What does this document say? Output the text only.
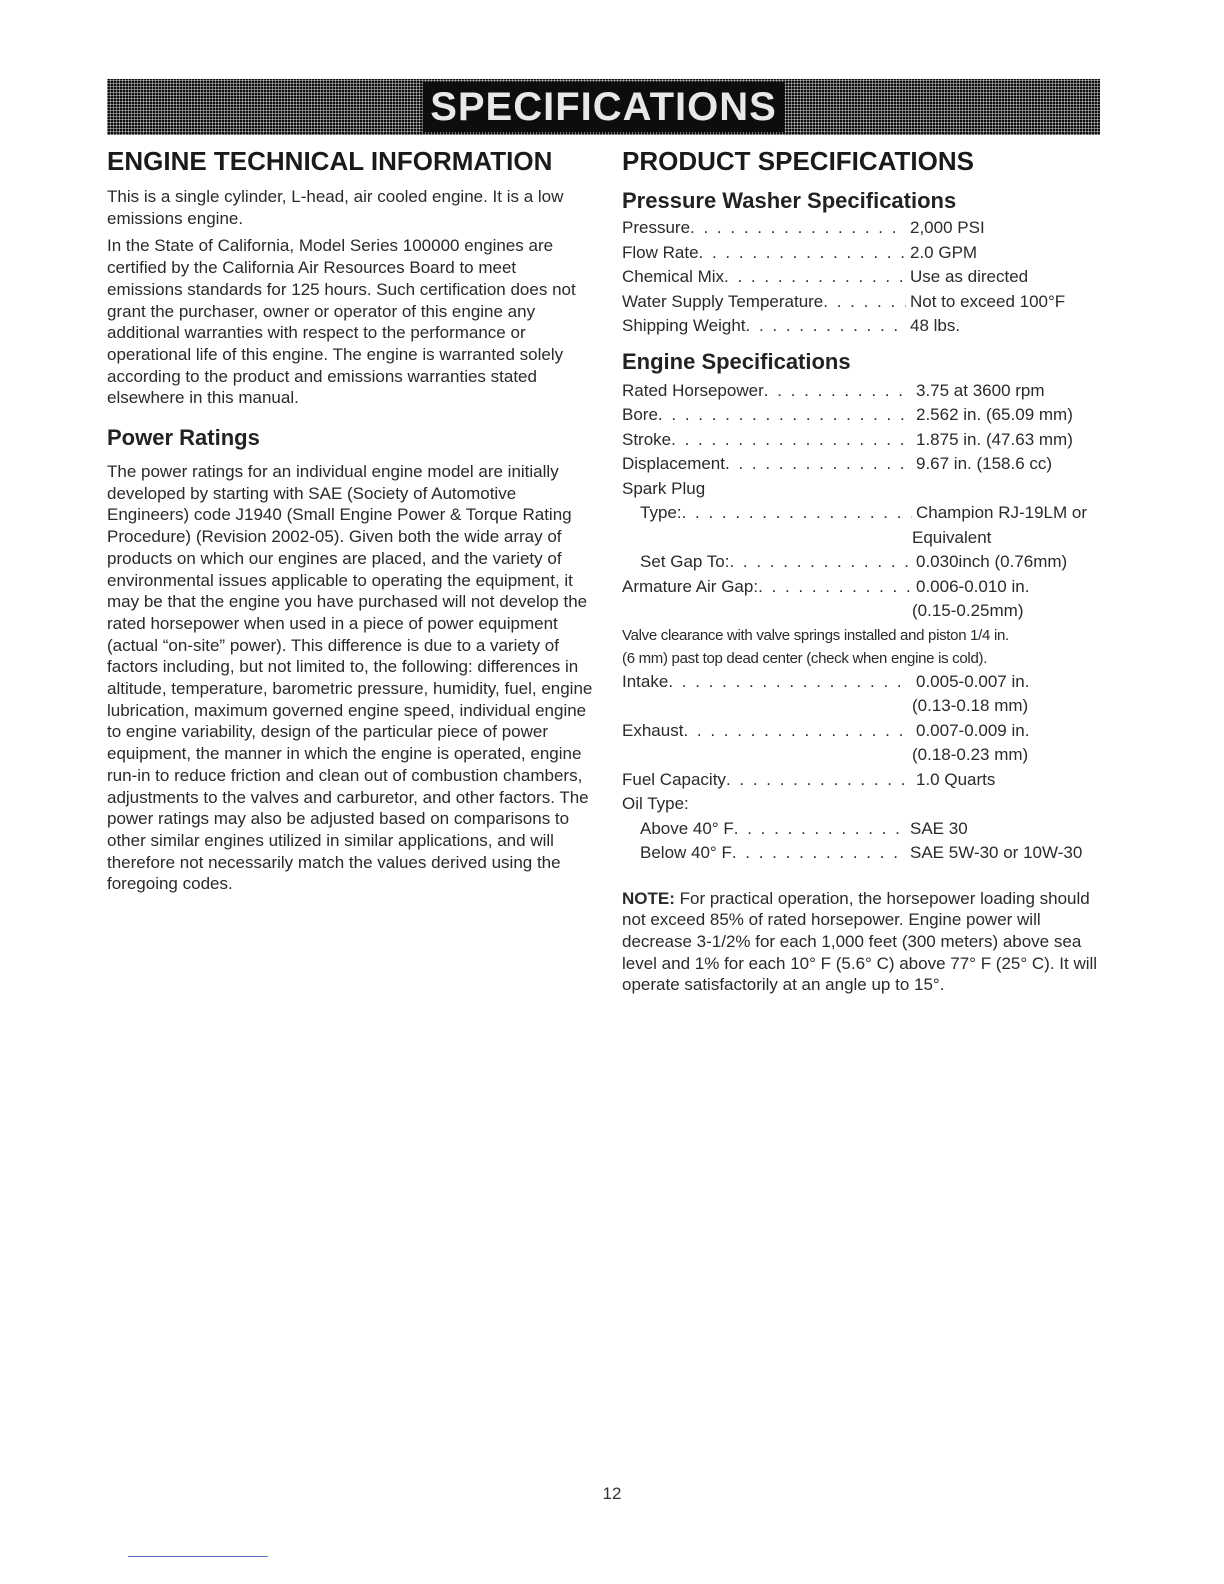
SPECIFICATIONS
ENGINE TECHNICAL INFORMATION

This is a single cylinder, L-head, air cooled engine. It is a low emissions engine.

In the State of California, Model Series 100000 engines are certified by the California Air Resources Board to meet emissions standards for 125 hours. Such certification does not grant the purchaser, owner or operator of this engine any additional warranties with respect to the performance or operational life of this engine. The engine is warranted solely according to the product and emissions warranties stated elsewhere in this manual.

Power Ratings

The power ratings for an individual engine model are initially developed by starting with SAE (Society of Automotive Engineers) code J1940 (Small Engine Power & Torque Rating Procedure) (Revision 2002-05). Given both the wide array of products on which our engines are placed, and the variety of environmental issues applicable to operating the equipment, it may be that the engine you have purchased will not develop the rated horsepower when used in a piece of power equipment (actual “on-site” power). This difference is due to a variety of factors including, but not limited to, the following: differences in altitude, temperature, barometric pressure, humidity, fuel, engine lubrication, maximum governed engine speed, individual engine to engine variability, design of the particular piece of power equipment, the manner in which the engine is operated, engine run-in to reduce friction and clean out of combustion chambers, adjustments to the valves and carburetor, and other factors. The power ratings may also be adjusted based on comparisons to other similar engines utilized in similar applications, and will therefore not necessarily match the values derived using the foregoing codes.

PRODUCT SPECIFICATIONS
Pressure Washer Specifications
Pressure . . .	2,000 PSI
Flow Rate . . .	2.0 GPM
Chemical Mix . . .	Use as directed
Water Supply Temperature . . .	Not to exceed 100°F
Shipping Weight . . .	48 lbs.
Engine Specifications
Rated Horsepower . . .	3.75 at 3600 rpm
Bore . . .	2.562 in. (65.09 mm)
Stroke . . .	1.875 in. (47.63 mm)
Displacement . . .	9.67 in. (158.6 cc)
Spark Plug
Type: . . .	Champion RJ-19LM or
Equivalent
Set Gap To: . . .	0.030inch (0.76mm)
Armature Air Gap: . . .	0.006-0.010 in.
(0.15-0.25mm)
Valve clearance with valve springs installed and piston 1/4 in.
(6 mm) past top dead center (check when engine is cold).
Intake . . .	0.005-0.007 in.
(0.13-0.18 mm)
Exhaust . . .	0.007-0.009 in.
(0.18-0.23 mm)
Fuel Capacity . . .	1.0 Quarts
Oil Type:
Above 40° F . . .	SAE 30
Below 40° F . . .	SAE 5W-30 or 10W-30

NOTE: For practical operation, the horsepower loading should not exceed 85% of rated horsepower. Engine power will decrease 3-1/2% for each 1,000 feet (300 meters) above sea level and 1% for each 10° F (5.6° C) above 77° F (25° C). It will operate satisfactorily at an angle up to 15°.

12
